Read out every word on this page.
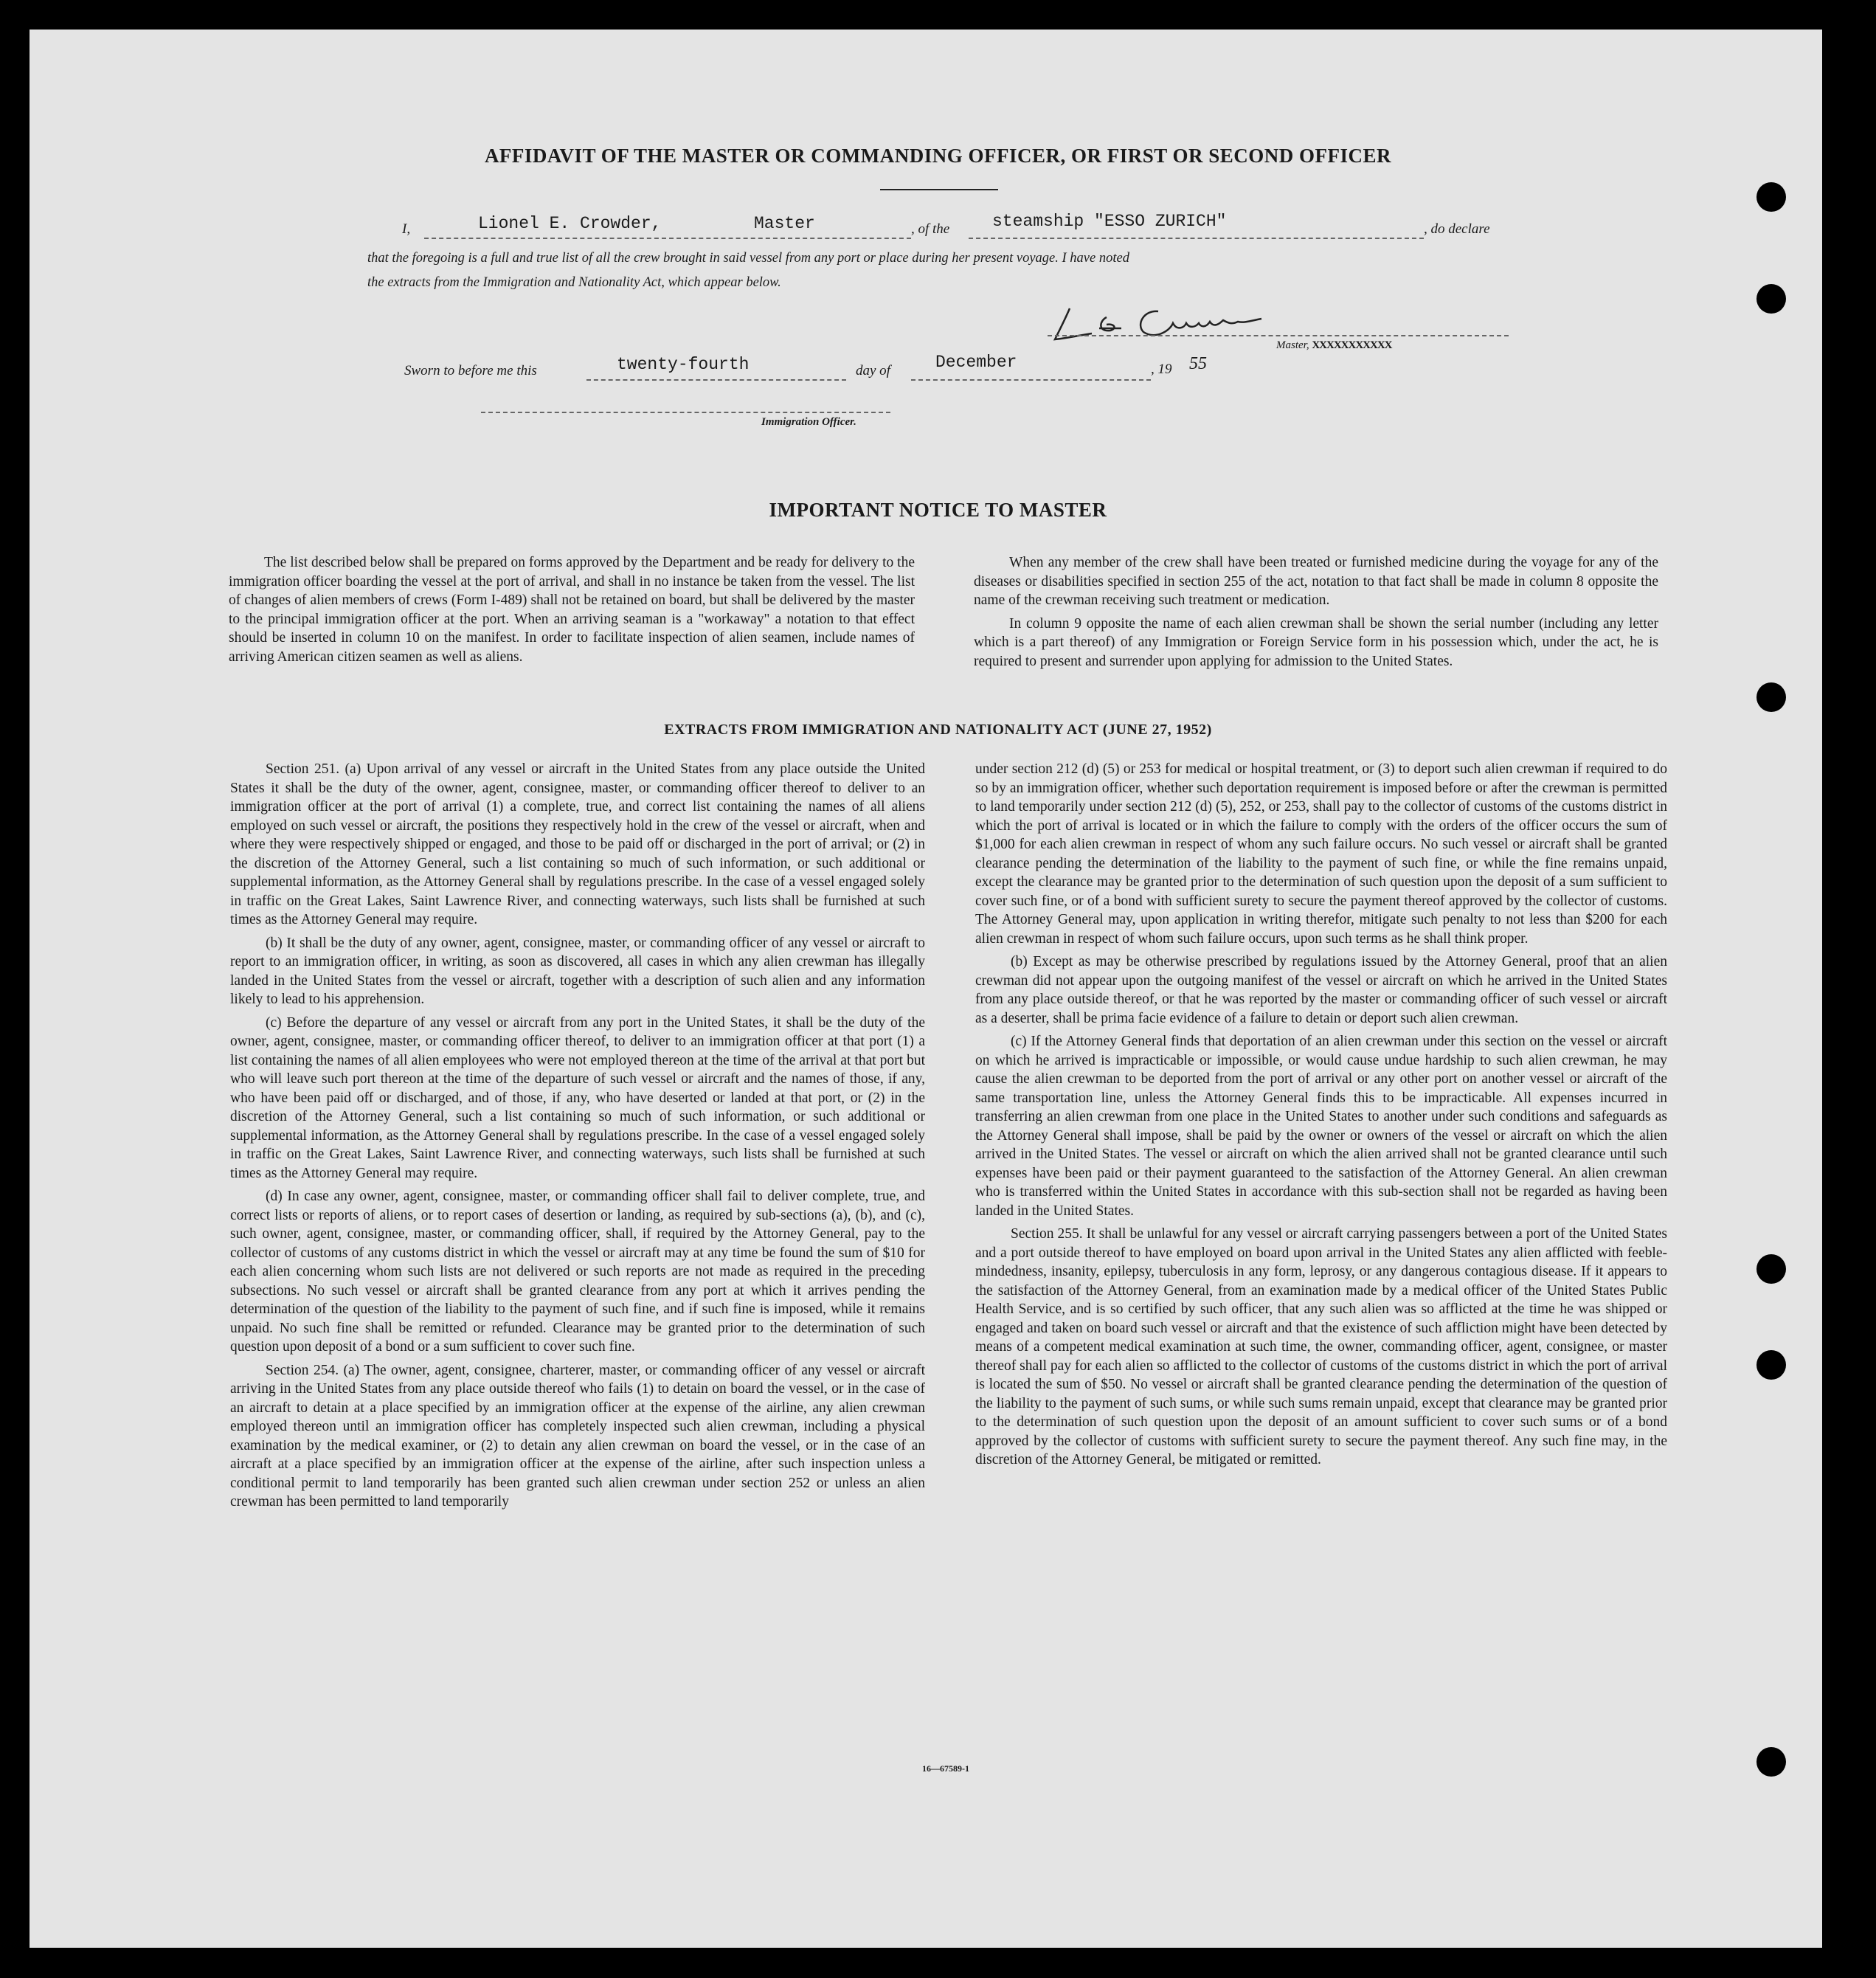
AFFIDAVIT OF THE MASTER OR COMMANDING OFFICER, OR FIRST OR SECOND OFFICER
I,	Lionel E. Crowder,	Master	, of the	steamship "ESSO ZURICH"	, do declare
that the foregoing is a full and true list of all the crew brought in said vessel from any port or place during her present voyage. I have noted
the extracts from the Immigration and Nationality Act, which appear below.
Master, XXXXXXXXXXX
Sworn to before me this	twenty-fourth	day of	December	, 19 55
Immigration Officer.
IMPORTANT NOTICE TO MASTER

The list described below shall be prepared on forms approved by the Department and be ready for delivery to the immigration officer boarding the vessel at the port of arrival, and shall in no instance be taken from the vessel. The list of changes of alien members of crews (Form I-489) shall not be retained on board, but shall be delivered by the master to the principal immigration officer at the port. When an arriving seaman is a "workaway" a notation to that effect should be inserted in column 10 on the manifest. In order to facilitate inspection of alien seamen, include names of arriving American citizen seamen as well as aliens.

When any member of the crew shall have been treated or furnished medicine during the voyage for any of the diseases or disabilities specified in section 255 of the act, notation to that fact shall be made in column 8 opposite the name of the crewman receiving such treatment or medication.

In column 9 opposite the name of each alien crewman shall be shown the serial number (including any letter which is a part thereof) of any Immigration or Foreign Service form in his possession which, under the act, he is required to present and surrender upon applying for admission to the United States.

EXTRACTS FROM IMMIGRATION AND NATIONALITY ACT (JUNE 27, 1952)

Section 251. (a) Upon arrival of any vessel or aircraft in the United States from any place outside the United States it shall be the duty of the owner, agent, consignee, master, or commanding officer thereof to deliver to an immigration officer at the port of arrival (1) a complete, true, and correct list containing the names of all aliens employed on such vessel or aircraft, the positions they respectively hold in the crew of the vessel or aircraft, when and where they were respectively shipped or engaged, and those to be paid off or discharged in the port of arrival; or (2) in the discretion of the Attorney General, such a list containing so much of such information, or such additional or supplemental information, as the Attorney General shall by regulations prescribe. In the case of a vessel engaged solely in traffic on the Great Lakes, Saint Lawrence River, and connecting waterways, such lists shall be furnished at such times as the Attorney General may require.

(b) It shall be the duty of any owner, agent, consignee, master, or commanding officer of any vessel or aircraft to report to an immigration officer, in writing, as soon as discovered, all cases in which any alien crewman has illegally landed in the United States from the vessel or aircraft, together with a description of such alien and any information likely to lead to his apprehension.

(c) Before the departure of any vessel or aircraft from any port in the United States, it shall be the duty of the owner, agent, consignee, master, or commanding officer thereof, to deliver to an immigration officer at that port (1) a list containing the names of all alien employees who were not employed thereon at the time of the arrival at that port but who will leave such port thereon at the time of the departure of such vessel or aircraft and the names of those, if any, who have been paid off or discharged, and of those, if any, who have deserted or landed at that port, or (2) in the discretion of the Attorney General, such a list containing so much of such information, or such additional or supplemental information, as the Attorney General shall by regulations prescribe. In the case of a vessel engaged solely in traffic on the Great Lakes, Saint Lawrence River, and connecting waterways, such lists shall be furnished at such times as the Attorney General may require.

(d) In case any owner, agent, consignee, master, or commanding officer shall fail to deliver complete, true, and correct lists or reports of aliens, or to report cases of desertion or landing, as required by sub-sections (a), (b), and (c), such owner, agent, consignee, master, or commanding officer, shall, if required by the Attorney General, pay to the collector of customs of any customs district in which the vessel or aircraft may at any time be found the sum of $10 for each alien concerning whom such lists are not delivered or such reports are not made as required in the preceding subsections. No such vessel or aircraft shall be granted clearance from any port at which it arrives pending the determination of the question of the liability to the payment of such fine, and if such fine is imposed, while it remains unpaid. No such fine shall be remitted or refunded. Clearance may be granted prior to the determination of such question upon deposit of a bond or a sum sufficient to cover such fine.

Section 254. (a) The owner, agent, consignee, charterer, master, or commanding officer of any vessel or aircraft arriving in the United States from any place outside thereof who fails (1) to detain on board the vessel, or in the case of an aircraft to detain at a place specified by an immigration officer at the expense of the airline, any alien crewman employed thereon until an immigration officer has completely inspected such alien crewman, including a physical examination by the medical examiner, or (2) to detain any alien crewman on board the vessel, or in the case of an aircraft at a place specified by an immigration officer at the expense of the airline, after such inspection unless a conditional permit to land temporarily has been granted such alien crewman under section 252 or unless an alien crewman has been permitted to land temporarily

under section 212 (d) (5) or 253 for medical or hospital treatment, or (3) to deport such alien crewman if required to do so by an immigration officer, whether such deportation requirement is imposed before or after the crewman is permitted to land temporarily under section 212 (d) (5), 252, or 253, shall pay to the collector of customs of the customs district in which the port of arrival is located or in which the failure to comply with the orders of the officer occurs the sum of $1,000 for each alien crewman in respect of whom any such failure occurs. No such vessel or aircraft shall be granted clearance pending the determination of the liability to the payment of such fine, or while the fine remains unpaid, except the clearance may be granted prior to the determination of such question upon the deposit of a sum sufficient to cover such fine, or of a bond with sufficient surety to secure the payment thereof approved by the collector of customs. The Attorney General may, upon application in writing therefor, mitigate such penalty to not less than $200 for each alien crewman in respect of whom such failure occurs, upon such terms as he shall think proper.

(b) Except as may be otherwise prescribed by regulations issued by the Attorney General, proof that an alien crewman did not appear upon the outgoing manifest of the vessel or aircraft on which he arrived in the United States from any place outside thereof, or that he was reported by the master or commanding officer of such vessel or aircraft as a deserter, shall be prima facie evidence of a failure to detain or deport such alien crewman.

(c) If the Attorney General finds that deportation of an alien crewman under this section on the vessel or aircraft on which he arrived is impracticable or impossible, or would cause undue hardship to such alien crewman, he may cause the alien crewman to be deported from the port of arrival or any other port on another vessel or aircraft of the same transportation line, unless the Attorney General finds this to be impracticable. All expenses incurred in transferring an alien crewman from one place in the United States to another under such conditions and safeguards as the Attorney General shall impose, shall be paid by the owner or owners of the vessel or aircraft on which the alien arrived in the United States. The vessel or aircraft on which the alien arrived shall not be granted clearance until such expenses have been paid or their payment guaranteed to the satisfaction of the Attorney General. An alien crewman who is transferred within the United States in accordance with this sub-section shall not be regarded as having been landed in the United States.

Section 255. It shall be unlawful for any vessel or aircraft carrying passengers between a port of the United States and a port outside thereof to have employed on board upon arrival in the United States any alien afflicted with feeble-mindedness, insanity, epilepsy, tuberculosis in any form, leprosy, or any dangerous contagious disease. If it appears to the satisfaction of the Attorney General, from an examination made by a medical officer of the United States Public Health Service, and is so certified by such officer, that any such alien was so afflicted at the time he was shipped or engaged and taken on board such vessel or aircraft and that the existence of such affliction might have been detected by means of a competent medical examination at such time, the owner, commanding officer, agent, consignee, or master thereof shall pay for each alien so afflicted to the collector of customs of the customs district in which the port of arrival is located the sum of $50. No vessel or aircraft shall be granted clearance pending the determination of the question of the liability to the payment of such sums, or while such sums remain unpaid, except that clearance may be granted prior to the determination of such question upon the deposit of an amount sufficient to cover such sums or of a bond approved by the collector of customs with sufficient surety to secure the payment thereof. Any such fine may, in the discretion of the Attorney General, be mitigated or remitted.

16—67589-1
